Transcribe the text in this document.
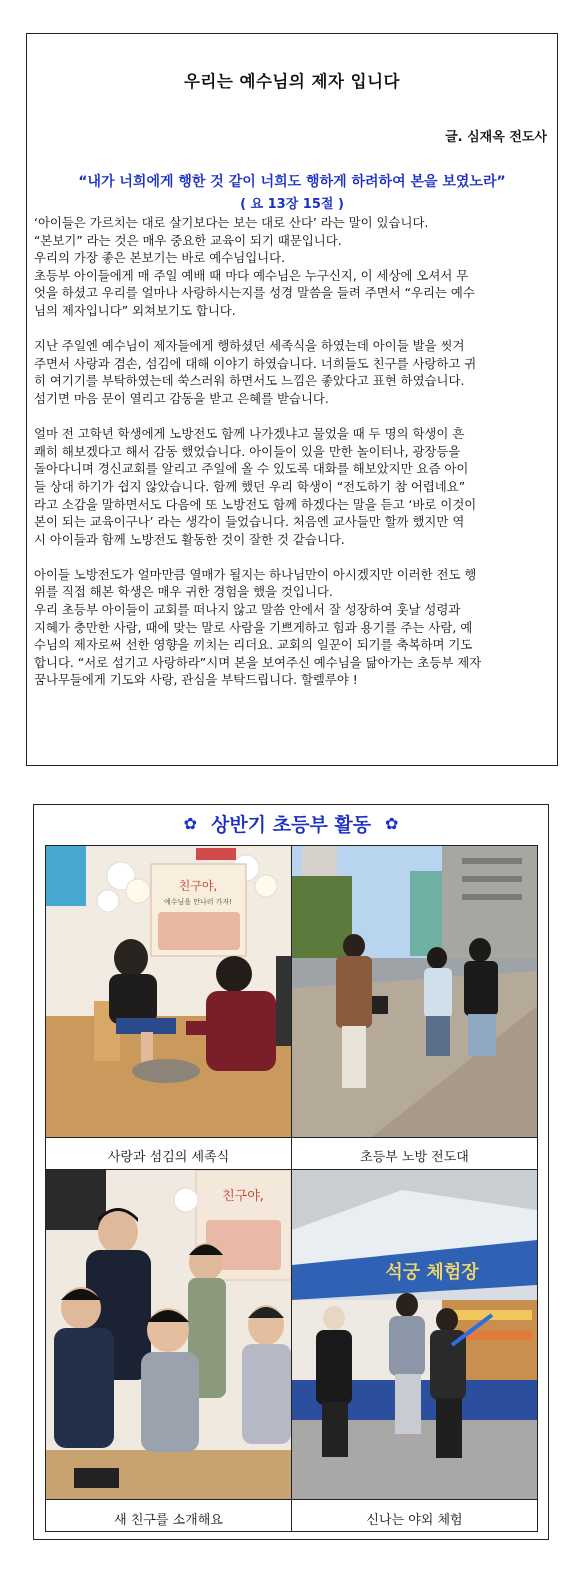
우리는 예수님의 제자 입니다
글. 심재옥 전도사
“내가 너희에게 행한 것 같이 너희도 행하게 하려하여 본을 보였노라”
( 요 13장 15절 )
‘아이들은 가르치는 대로 살기보다는 보는 대로 산다’ 라는 말이 있습니다.
“본보기” 라는 것은 매우 중요한 교육이 되기 때문입니다.
우리의 가장 좋은 본보기는 바로 예수님입니다.
초등부 아이들에게 매 주일 예배 때 마다 예수님은 누구신지, 이 세상에 오셔서 무
엇을 하셨고 우리를 얼마나 사랑하시는지를 성경 말씀을 들려 주면서 “우리는 예수
님의 제자입니다” 외쳐보기도 합니다.
지난 주일엔 예수님이 제자들에게 행하셨던 세족식을 하였는데 아이들 발을 씻겨
주면서 사랑과 겸손, 섬김에 대해 이야기 하였습니다. 너희들도 친구를 사랑하고 귀
히 여기기를 부탁하였는데 쑥스러워 하면서도 느낌은 좋았다고 표현 하였습니다.
섬기면 마음 문이 열리고 감동을 받고 은혜를 받습니다.
얼마 전 고학년 학생에게 노방전도 함께 나가겠냐고 물었을 때 두 명의 학생이 흔
쾌히 해보겠다고 해서 감동 했었습니다. 아이들이 있을 만한 놀이터나, 광장등을
돌아다니며 경신교회를 알리고 주일에 올 수 있도록 대화를 해보았지만 요즘 아이
들 상대 하기가 쉽지 않았습니다. 함께 했던 우리 학생이 “전도하기 참 어렵네요”
라고 소감을 말하면서도 다음에 또 노방전도 함께 하겠다는 말을 듣고 ‘바로 이것이
본이 되는 교육이구나’ 라는 생각이 들었습니다. 처음엔 교사들만 할까 했지만 역
시 아이들과 함께 노방전도 활동한 것이 잘한 것 같습니다.
아이들 노방전도가 얼마만큼 열매가 될지는 하나님만이 아시겠지만 이러한 전도 행
위를 직접 해본 학생은 매우 귀한 경험을 했을 것입니다.
우리 초등부 아이들이 교회를 떠나지 않고 말씀 안에서 잘 성장하여 훗날 성령과
지혜가 충만한 사람, 때에 맞는 말로 사람을 기쁘게하고 힘과 용기를 주는 사람, 예
수님의 제자로써 선한 영향을 끼치는 리더요. 교회의 일꾼이 되기를 축복하며 기도
합니다. “서로 섬기고 사랑하라”시며 본을 보여주신 예수님을 닮아가는 초등부 제자
꿈나무들에게 기도와 사랑, 관심을 부탁드립니다. 할렐루야 !
✿ 상반기 초등부 활동 ✿
친구야,
예수님을 만나러 가자!
사랑과 섬김의 세족식	초등부 노방 전도대
친구야,
새 친구를 소개해요
석궁 체험장
신나는 야외 체험
